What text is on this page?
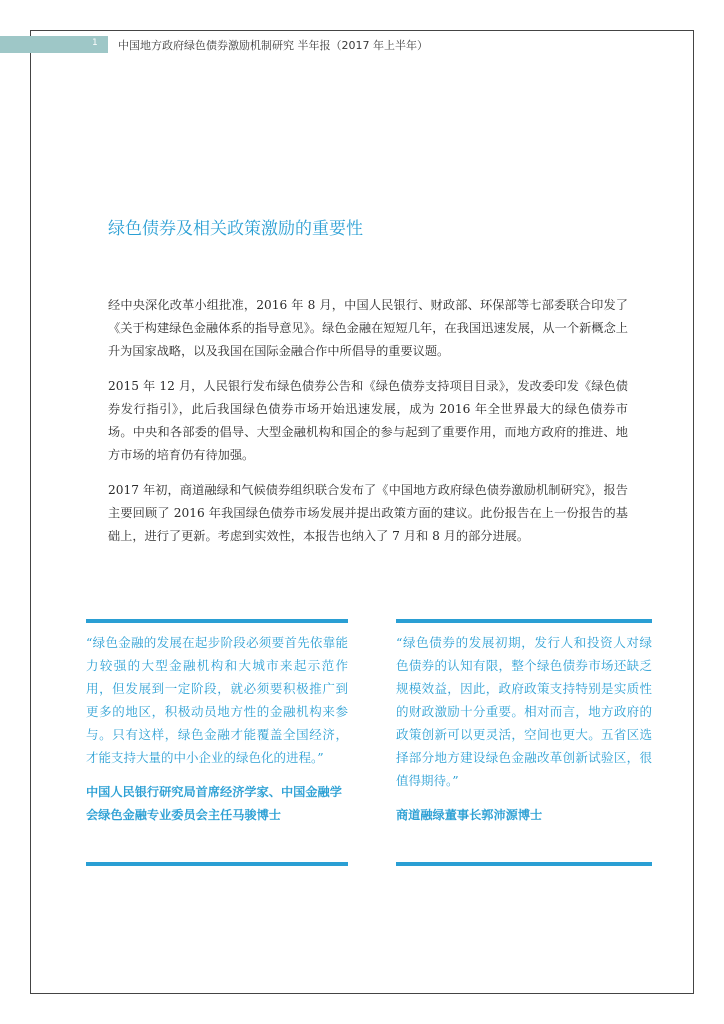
1 中国地方政府绿色债券激励机制研究 半年报（2017 年上半年）
绿色债券及相关政策激励的重要性

经中央深化改革小组批准，2016 年 8 月，中国人民银行、财政部、环保部等七部委联合印发了《关于构建绿色金融体系的指导意见》。绿色金融在短短几年，在我国迅速发展，从一个新概念上升为国家战略，以及我国在国际金融合作中所倡导的重要议题。

2015 年 12 月，人民银行发布绿色债券公告和《绿色债券支持项目目录》，发改委印发《绿色债券发行指引》，此后我国绿色债券市场开始迅速发展，成为 2016 年全世界最大的绿色债券市场。中央和各部委的倡导、大型金融机构和国企的参与起到了重要作用，而地方政府的推进、地方市场的培育仍有待加强。

2017 年初，商道融绿和气候债券组织联合发布了《中国地方政府绿色债券激励机制研究》，报告主要回顾了 2016 年我国绿色债券市场发展并提出政策方面的建议。此份报告在上一份报告的基础上，进行了更新。考虑到实效性，本报告也纳入了 7 月和 8 月的部分进展。

“绿色金融的发展在起步阶段必须要首先依靠能力较强的大型金融机构和大城市来起示范作用，但发展到一定阶段，就必须要积极推广到更多的地区，积极动员地方性的金融机构来参与。只有这样，绿色金融才能覆盖全国经济，才能支持大量的中小企业的绿色化的进程。”
中国人民银行研究局首席经济学家、中国金融学会绿色金融专业委员会主任马骏博士
“绿色债券的发展初期，发行人和投资人对绿色债券的认知有限，整个绿色债券市场还缺乏规模效益，因此，政府政策支持特别是实质性的财政激励十分重要。相对而言，地方政府的政策创新可以更灵活，空间也更大。五省区选择部分地方建设绿色金融改革创新试验区，很值得期待。”
商道融绿董事长郭沛源博士
